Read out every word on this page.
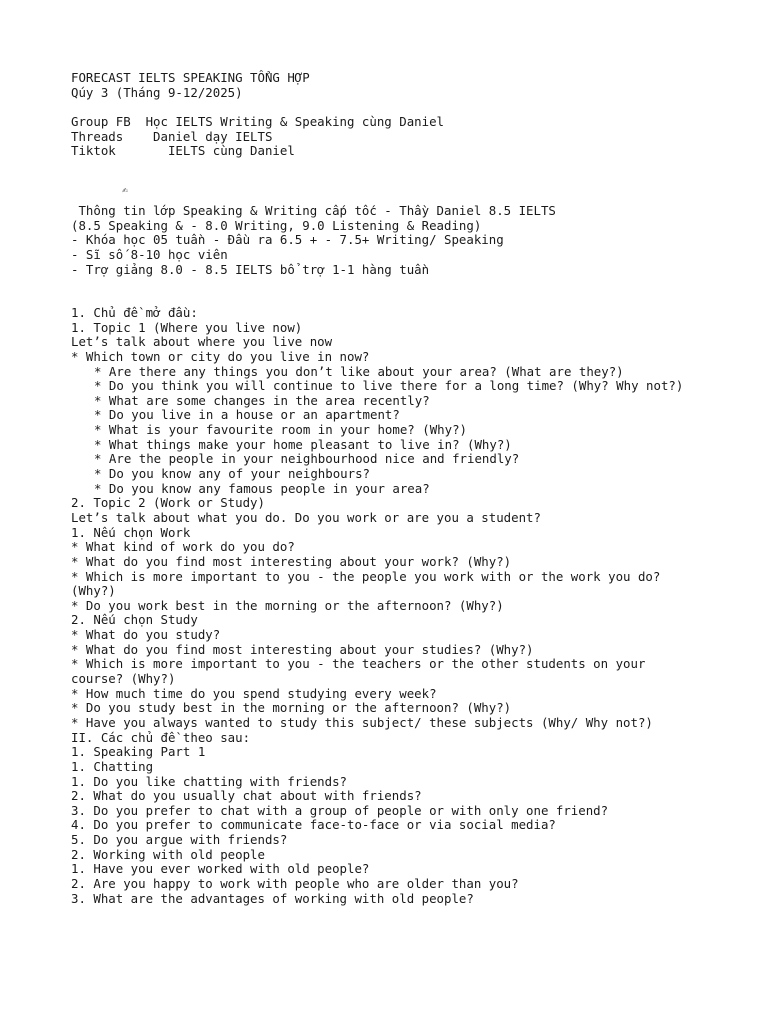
FORECAST IELTS SPEAKING TỔNG HỢP
Qúy 3 (Tháng 9-12/2025)
Group FB  Học IELTS Writing & Speaking cùng Daniel
Threads    Daniel dạy IELTS
Tiktok       IELTS cùng Daniel
✍
Thông tin lớp Speaking & Writing cấp tốc - Thầy Daniel 8.5 IELTS
(8.5 Speaking & - 8.0 Writing, 9.0 Listening & Reading)
- Khóa học 05 tuần - Đầu ra 6.5 + - 7.5+ Writing/ Speaking
- Sĩ số 8-10 học viên
- Trợ giảng 8.0 - 8.5 IELTS bổ trợ 1-1 hàng tuần
1. Chủ đề mở đầu:
1. Topic 1 (Where you live now)
Let’s talk about where you live now
* Which town or city do you live in now?
* Are there any things you don’t like about your area? (What are they?)
* Do you think you will continue to live there for a long time? (Why? Why not?)
* What are some changes in the area recently?
* Do you live in a house or an apartment?
* What is your favourite room in your home? (Why?)
* What things make your home pleasant to live in? (Why?)
* Are the people in your neighbourhood nice and friendly?
* Do you know any of your neighbours?
* Do you know any famous people in your area?
2. Topic 2 (Work or Study)
Let’s talk about what you do. Do you work or are you a student?
1. Nếu chọn Work
* What kind of work do you do?
* What do you find most interesting about your work? (Why?)
* Which is more important to you - the people you work with or the work you do?
(Why?)
* Do you work best in the morning or the afternoon? (Why?)
2. Nếu chọn Study
* What do you study?
* What do you find most interesting about your studies? (Why?)
* Which is more important to you - the teachers or the other students on your
course? (Why?)
* How much time do you spend studying every week?
* Do you study best in the morning or the afternoon? (Why?)
* Have you always wanted to study this subject/ these subjects (Why/ Why not?)
II. Các chủ đề theo sau:
1. Speaking Part 1
1. Chatting
1. Do you like chatting with friends?
2. What do you usually chat about with friends?
3. Do you prefer to chat with a group of people or with only one friend?
4. Do you prefer to communicate face-to-face or via social media?
5. Do you argue with friends?
2. Working with old people
1. Have you ever worked with old people?
2. Are you happy to work with people who are older than you?
3. What are the advantages of working with old people?
